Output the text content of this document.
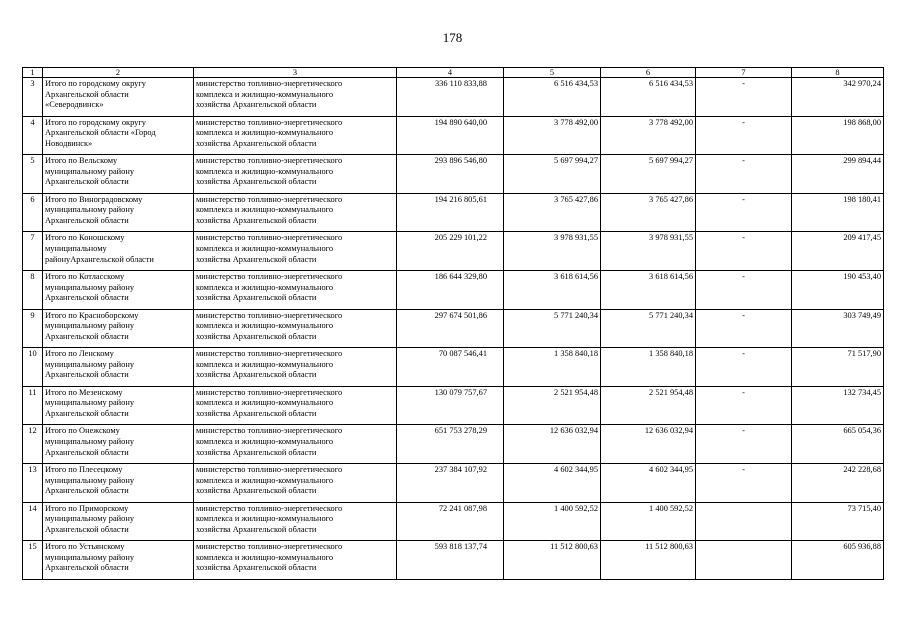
178
1	2	3	4	5	6	7	8
3	Итого по городскому округу
Архангельской области
«Северодвинск»	министерство топливно-энергетического
комплекса и жилищно-коммунального
хозяйства Архангельской области	336 110 833,88	6 516 434,53	6 516 434,53	-	342 970,24
4	Итого по городскому округу
Архангельской области «Город
Новодвинск»	министерство топливно-энергетического
комплекса и жилищно-коммунального
хозяйства Архангельской области	194 890 640,00	3 778 492,00	3 778 492,00	-	198 868,00
5	Итого по Вельскому
муниципальному району
Архангельской области	министерство топливно-энергетического
комплекса и жилищно-коммунального
хозяйства Архангельской области	293 896 546,80	5 697 994,27	5 697 994,27	-	299 894,44
6	Итого по Виноградовскому
муниципальному району
Архангельской области	министерство топливно-энергетического
комплекса и жилищно-коммунального
хозяйства Архангельской области	194 216 805,61	3 765 427,86	3 765 427,86	-	198 180,41
7	Итого по Коношскому
муниципальному
районуАрхангельской области	министерство топливно-энергетического
комплекса и жилищно-коммунального
хозяйства Архангельской области	205 229 101,22	3 978 931,55	3 978 931,55	-	209 417,45
8	Итого по Котласскому
муниципальному району
Архангельской области	министерство топливно-энергетического
комплекса и жилищно-коммунального
хозяйства Архангельской области	186 644 329,80	3 618 614,56	3 618 614,56	-	190 453,40
9	Итого по Красноборскому
муниципальному району
Архангельской области	министерство топливно-энергетического
комплекса и жилищно-коммунального
хозяйства Архангельской области	297 674 501,86	5 771 240,34	5 771 240,34	-	303 749,49
10	Итого по Ленскому
муниципальному району
Архангельской области	министерство топливно-энергетического
комплекса и жилищно-коммунального
хозяйства Архангельской области	70 087 546,41	1 358 840,18	1 358 840,18	-	71 517,90
11	Итого по Мезенскому
муниципальному району
Архангельской области	министерство топливно-энергетического
комплекса и жилищно-коммунального
хозяйства Архангельской области	130 079 757,67	2 521 954,48	2 521 954,48	-	132 734,45
12	Итого по Онежскому
муниципальному району
Архангельской области	министерство топливно-энергетического
комплекса и жилищно-коммунального
хозяйства Архангельской области	651 753 278,29	12 636 032,94	12 636 032,94	-	665 054,36
13	Итого по Плесецкому
муниципальному району
Архангельской области	министерство топливно-энергетического
комплекса и жилищно-коммунального
хозяйства Архангельской области	237 384 107,92	4 602 344,95	4 602 344,95	-	242 228,68
14	Итого по Приморскому
муниципальному району
Архангельской области	министерство топливно-энергетического
комплекса и жилищно-коммунального
хозяйства Архангельской области	72 241 087,98	1 400 592,52	1 400 592,52		73 715,40
15	Итого по Устьянскому
муниципальному району
Архангельской области	министерство топливно-энергетического
комплекса и жилищно-коммунального
хозяйства Архангельской области	593 818 137,74	11 512 800,63	11 512 800,63		605 936,88
